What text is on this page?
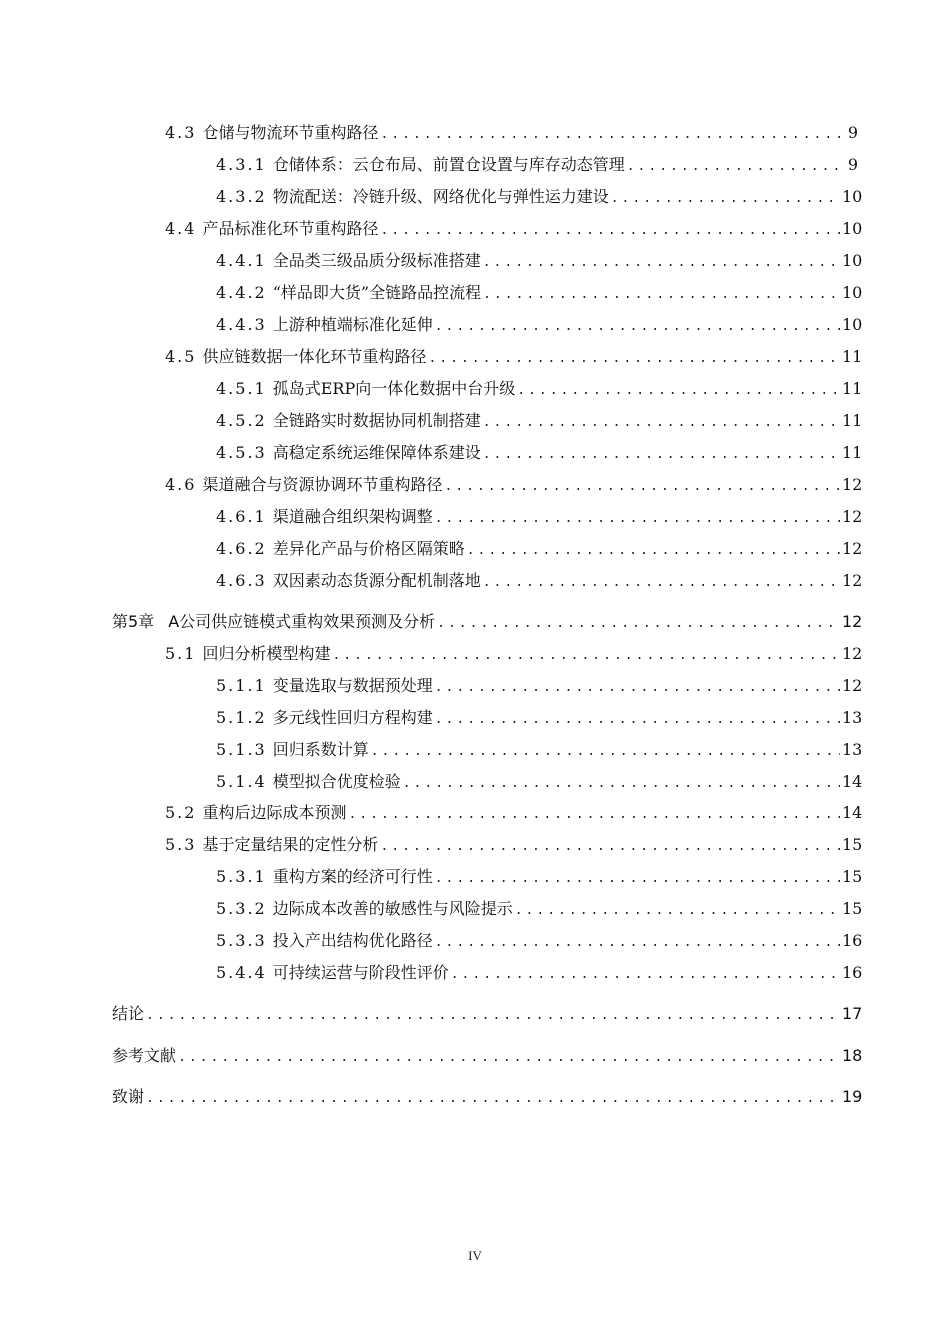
4.3 仓储与物流环节重构路径 .....	9
4.3.1 仓储体系：云仓布局、前置仓设置与库存动态管理 .....	9
4.3.2 物流配送：冷链升级、网络优化与弹性运力建设 .....	10
4.4 产品标准化环节重构路径 .....	10
4.4.1 全品类三级品质分级标准搭建 .....	10
4.4.2 “样品即大货”全链路品控流程 .....	10
4.4.3 上游种植端标准化延伸 .....	10
4.5 供应链数据一体化环节重构路径 .....	11
4.5.1 孤岛式ERP向一体化数据中台升级 .....	11
4.5.2 全链路实时数据协同机制搭建 .....	11
4.5.3 高稳定系统运维保障体系建设 .....	11
4.6 渠道融合与资源协调环节重构路径 .....	12
4.6.1 渠道融合组织架构调整 .....	12
4.6.2 差异化产品与价格区隔策略 .....	12
4.6.3 双因素动态货源分配机制落地 .....	12
第5章 A公司供应链模式重构效果预测及分析 .....	12
5.1 回归分析模型构建 .....	12
5.1.1 变量选取与数据预处理 .....	12
5.1.2 多元线性回归方程构建 .....	13
5.1.3 回归系数计算 .....	13
5.1.4 模型拟合优度检验 .....	14
5.2 重构后边际成本预测 .....	14
5.3 基于定量结果的定性分析 .....	15
5.3.1 重构方案的经济可行性 .....	15
5.3.2 边际成本改善的敏感性与风险提示 .....	15
5.3.3 投入产出结构优化路径 .....	16
5.4.4 可持续运营与阶段性评价 .....	16
结论 .....	17
参考文献 .....	18
致谢 .....	19
IV
